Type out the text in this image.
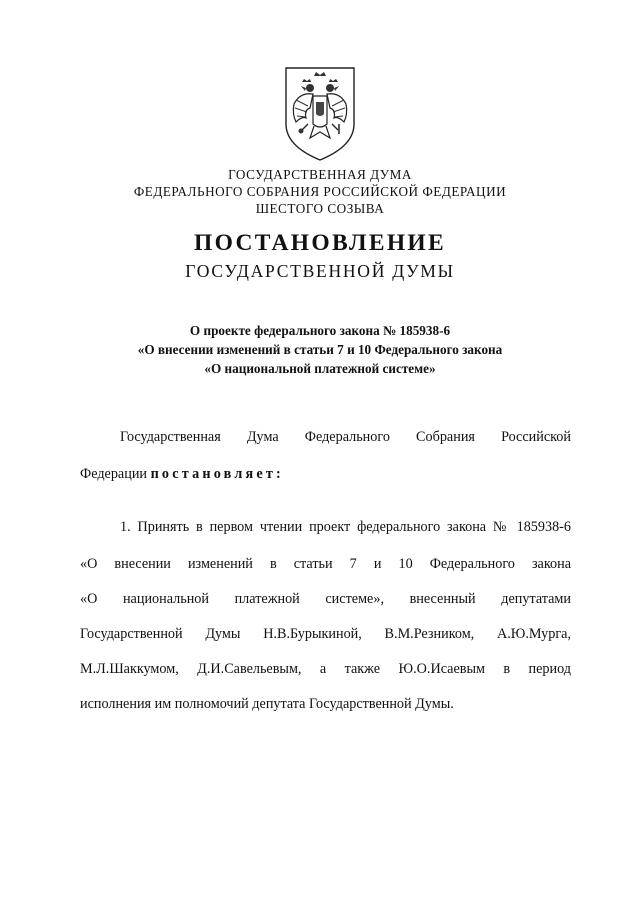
ГОСУДАРСТВЕННАЯ ДУМА
ФЕДЕРАЛЬНОГО СОБРАНИЯ РОССИЙСКОЙ ФЕДЕРАЦИИ
ШЕСТОГО СОЗЫВА
ПОСТАНОВЛЕНИЕ
ГОСУДАРСТВЕННОЙ ДУМЫ
О проекте федерального закона № 185938-6
«О внесении изменений в статьи 7 и 10 Федерального закона
«О национальной платежной системе»
Государственная Дума Федерального Собрания Российской
Федерации постановляет:
1. Принять в первом чтении проект федерального закона № 185938-6
«О внесении изменений в статьи 7 и 10 Федерального закона
«О национальной платежной системе», внесенный депутатами
Государственной Думы Н.В.Бурыкиной, В.М.Резником, А.Ю.Мурга,
М.Л.Шаккумом, Д.И.Савельевым, а также Ю.О.Исаевым в период
исполнения им полномочий депутата Государственной Думы.
